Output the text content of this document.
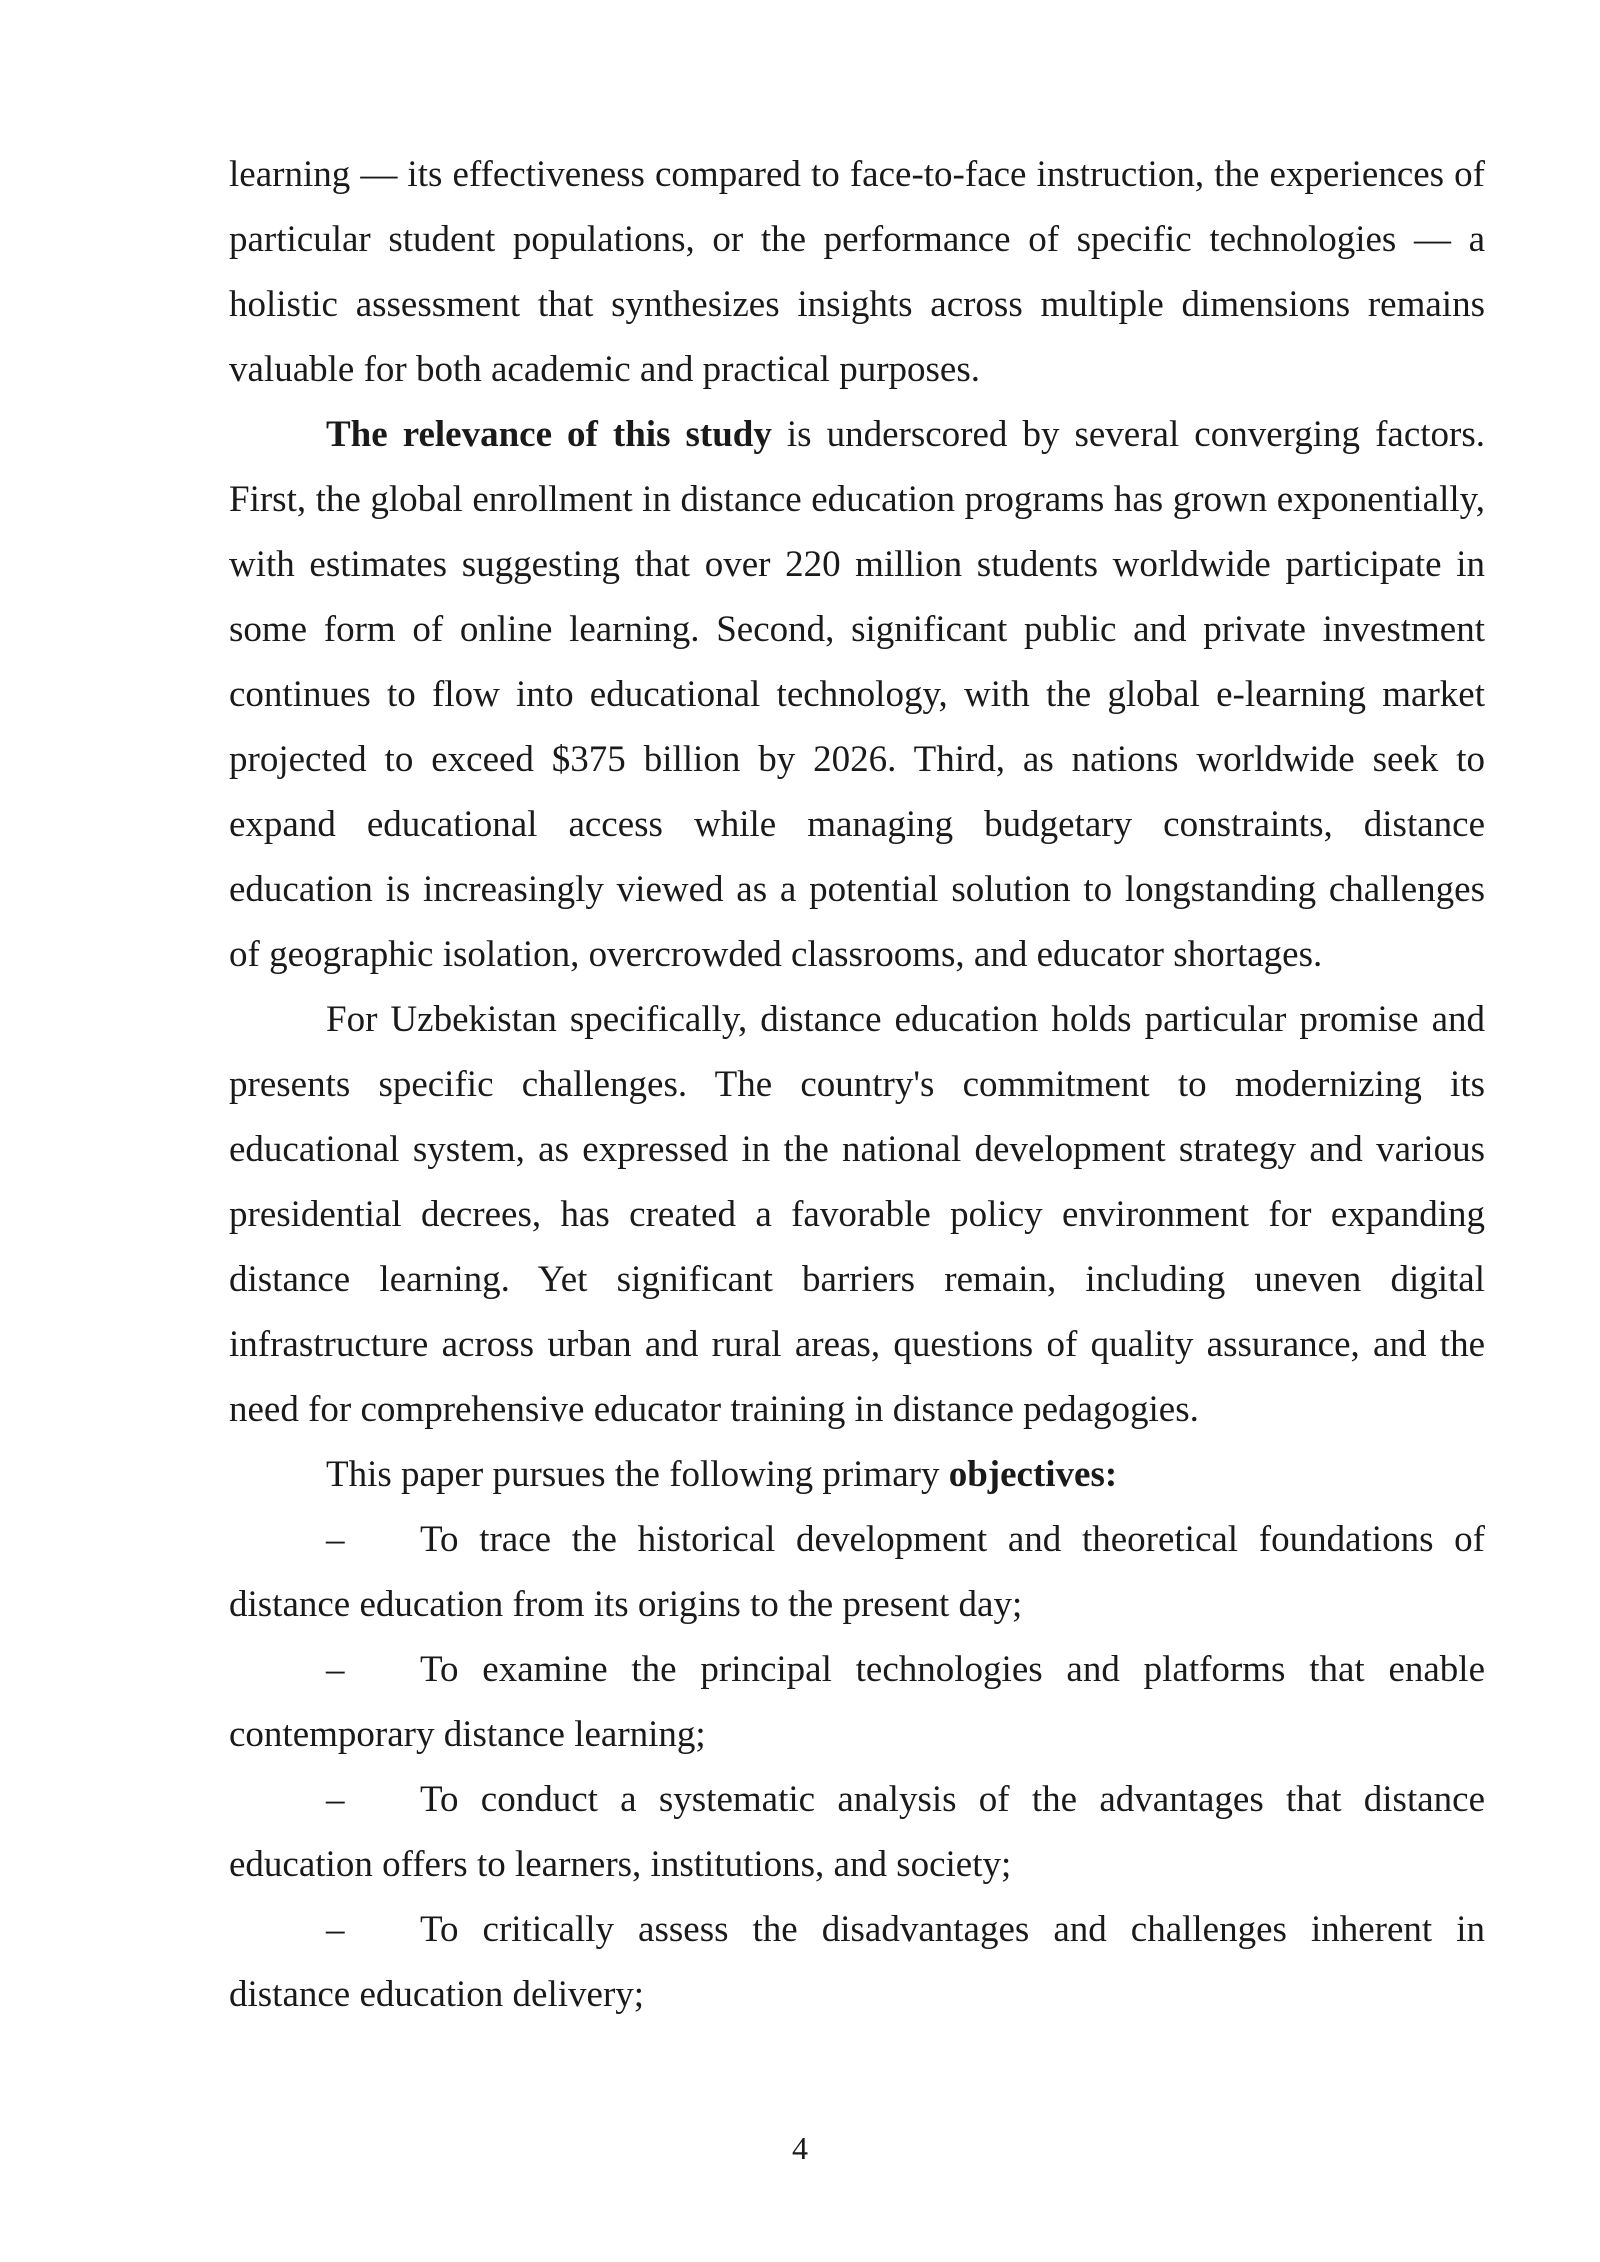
learning — its effectiveness compared to face-to-face instruction, the experiences of particular student populations, or the performance of specific technologies — a holistic assessment that synthesizes insights across multiple dimensions remains valuable for both academic and practical purposes.

The relevance of this study is underscored by several converging factors. First, the global enrollment in distance education programs has grown exponentially, with estimates suggesting that over 220 million students worldwide participate in some form of online learning. Second, significant public and private investment continues to flow into educational technology, with the global e-learning market projected to exceed $375 billion by 2026. Third, as nations worldwide seek to expand educational access while managing budgetary constraints, distance education is increasingly viewed as a potential solution to longstanding challenges of geographic isolation, overcrowded classrooms, and educator shortages.

For Uzbekistan specifically, distance education holds particular promise and presents specific challenges. The country's commitment to modernizing its educational system, as expressed in the national development strategy and various presidential decrees, has created a favorable policy environment for expanding distance learning. Yet significant barriers remain, including uneven digital infrastructure across urban and rural areas, questions of quality assurance, and the need for comprehensive educator training in distance pedagogies.

This paper pursues the following primary objectives:

– To trace the historical development and theoretical foundations of distance education from its origins to the present day;

– To examine the principal technologies and platforms that enable contemporary distance learning;

– To conduct a systematic analysis of the advantages that distance education offers to learners, institutions, and society;

– To critically assess the disadvantages and challenges inherent in distance education delivery;

4
